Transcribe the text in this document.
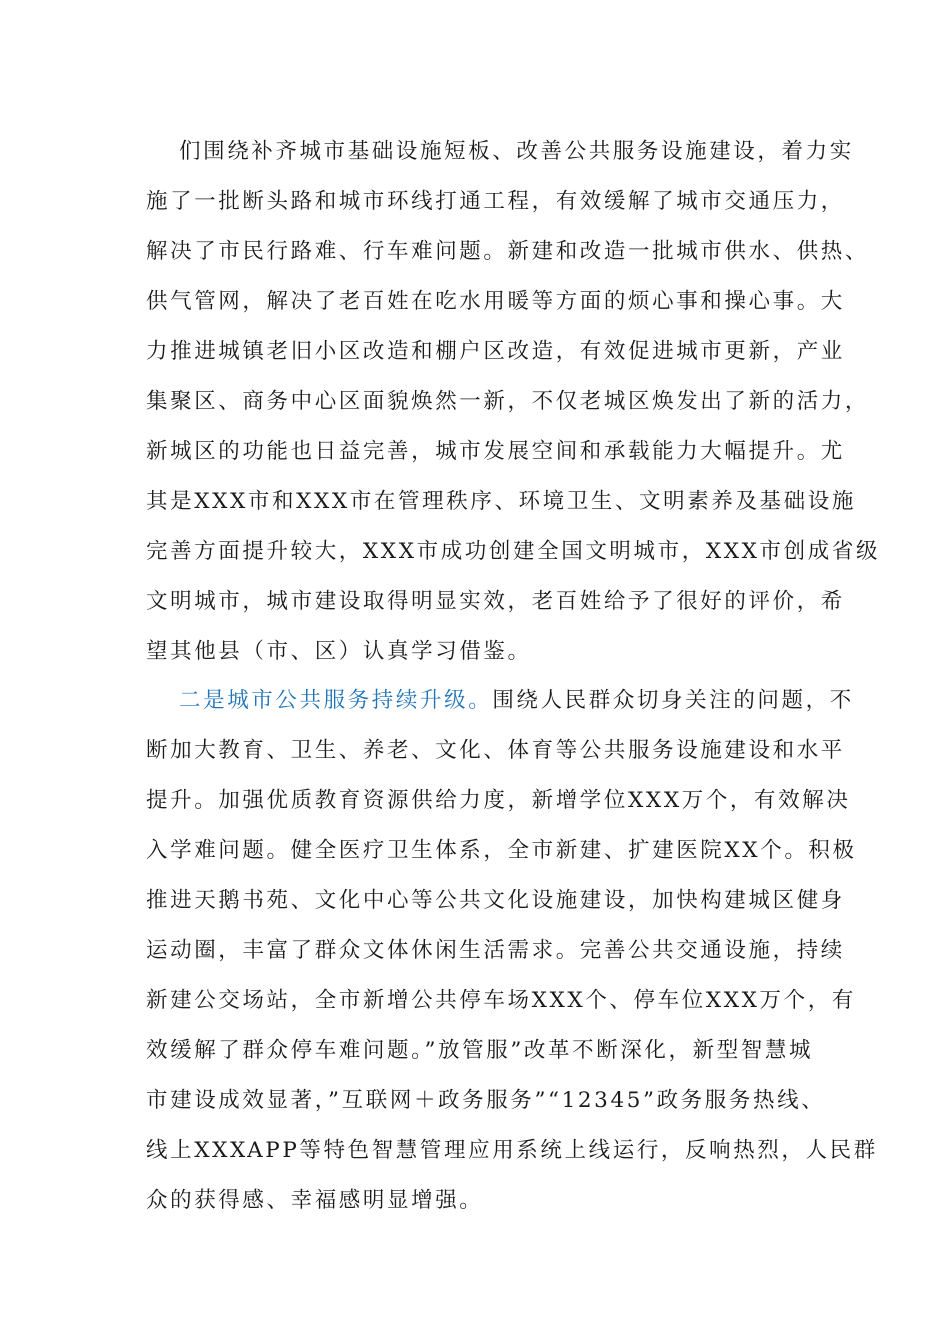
们围绕补齐城市基础设施短板、改善公共服务设施建设，着力实
施了一批断头路和城市环线打通工程，有效缓解了城市交通压力，
解决了市民行路难、行车难问题。新建和改造一批城市供水、供热、
供气管网，解决了老百姓在吃水用暖等方面的烦心事和操心事。大
力推进城镇老旧小区改造和棚户区改造，有效促进城市更新，产业
集聚区、商务中心区面貌焕然一新，不仅老城区焕发出了新的活力，
新城区的功能也日益完善，城市发展空间和承载能力大幅提升。尤
其是XXX市和XXX市在管理秩序、环境卫生、文明素养及基础设施
完善方面提升较大，XXX市成功创建全国文明城市，XXX市创成省级
文明城市，城市建设取得明显实效，老百姓给予了很好的评价，希
望其他县（市、区）认真学习借鉴。
二是城市公共服务持续升级。围绕人民群众切身关注的问题，不
断加大教育、卫生、养老、文化、体育等公共服务设施建设和水平
提升。加强优质教育资源供给力度，新增学位XXX万个，有效解决
入学难问题。健全医疗卫生体系，全市新建、扩建医院XX个。积极
推进天鹅书苑、文化中心等公共文化设施建设，加快构建城区健身
运动圈，丰富了群众文体休闲生活需求。完善公共交通设施，持续
新建公交场站，全市新增公共停车场XXX个、停车位XXX万个，有
效缓解了群众停车难问题。”放管服”改革不断深化，新型智慧城
市建设成效显著，”互联网＋政务服务”“12345”政务服务热线、
线上XXXAPP等特色智慧管理应用系统上线运行，反响热烈，人民群
众的获得感、幸福感明显增强。
